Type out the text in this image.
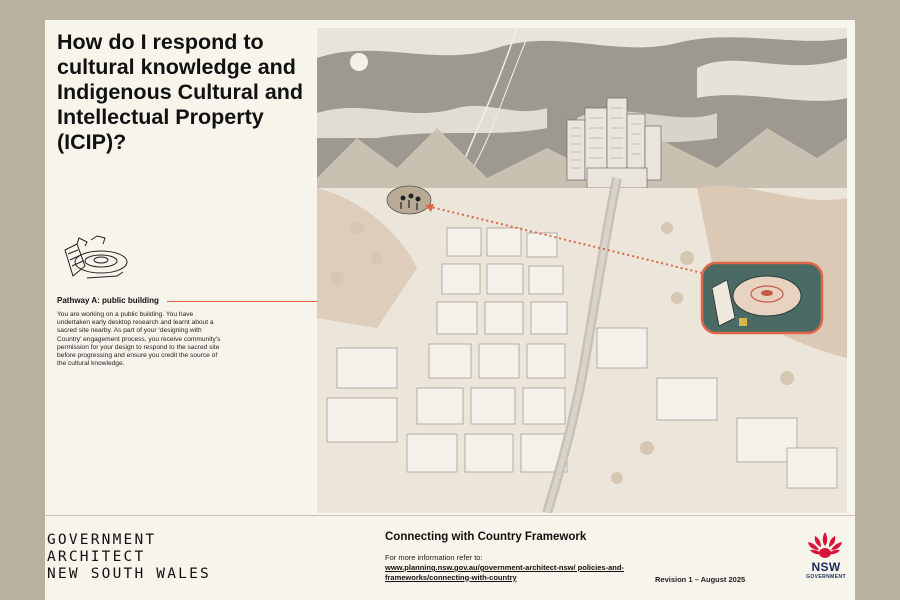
How do I respond to cultural knowledge and Indigenous Cultural and Intellectual Property (ICIP)?
Pathway A: public building

You are working on a public building. You have undertaken early desktop research and learnt about a sacred site nearby. As part of your ‘designing with Country’ engagement process, you receive community’s permission for your design to respond to the sacred site before progressing and ensure you credit the source of the cultural knowledge.

GOVERNMENT
ARCHITECT
NEW SOUTH WALES
Connecting with Country Framework
For more information refer to:
www.planning.nsw.gov.au/government-architect-nsw/ policies-and-frameworks/connecting-with-country	Revision 1 – August 2025
NSW
GOVERNMENT
